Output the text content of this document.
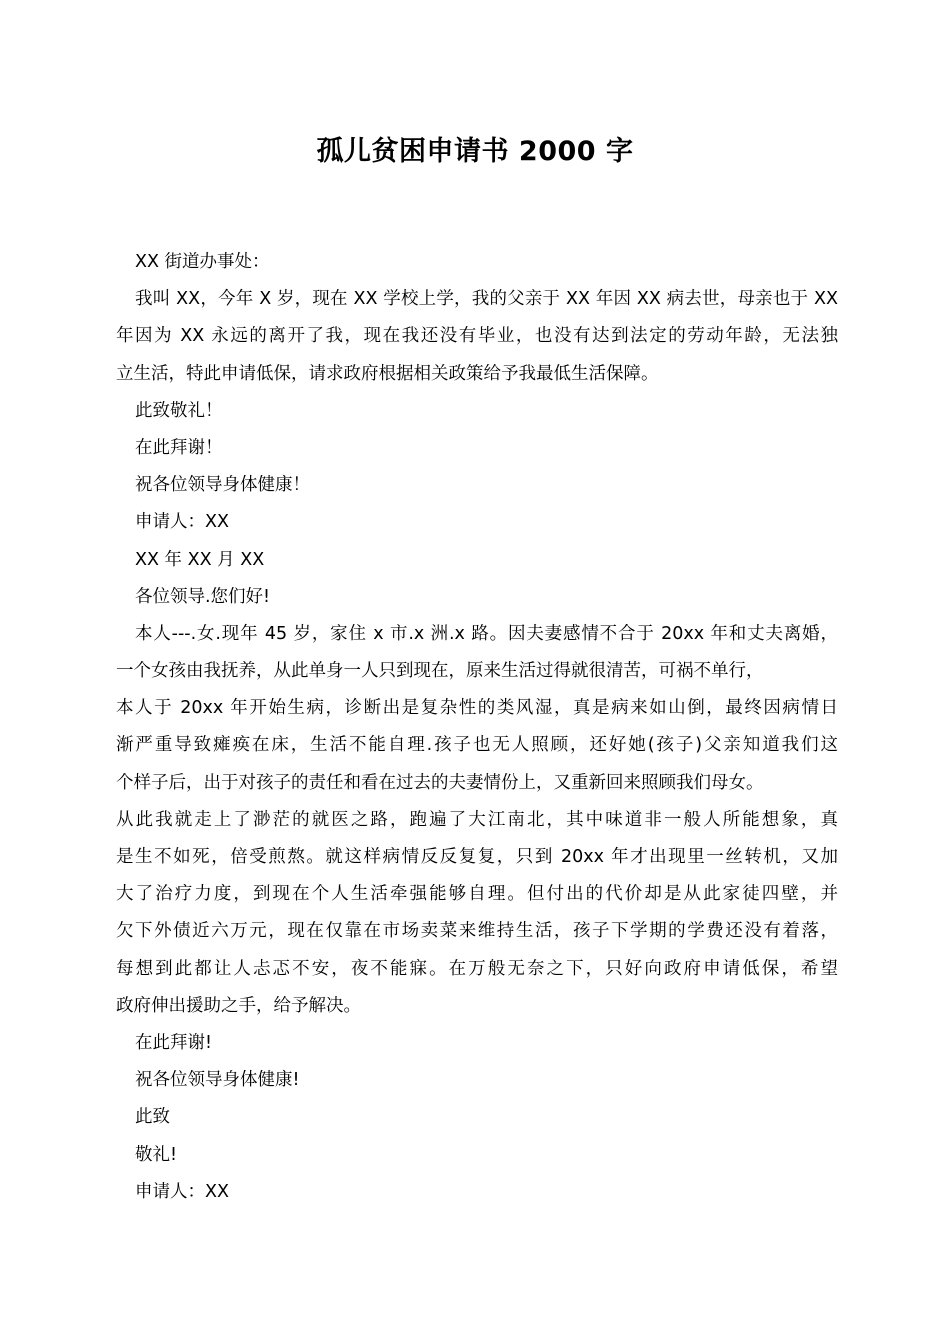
孤儿贫困申请书 2000 字
XX 街道办事处：
我叫 XX，今年 X 岁，现在 XX 学校上学，我的父亲于 XX 年因 XX 病去世，母亲也于 XX
年因为 XX 永远的离开了我，现在我还没有毕业，也没有达到法定的劳动年龄，无法独
立生活，特此申请低保，请求政府根据相关政策给予我最低生活保障。
此致敬礼！
在此拜谢！
祝各位领导身体健康！
申请人：XX
XX 年 XX 月 XX
各位领导.您们好!
本人---.女.现年 45 岁，家住 x 市.x 洲.x 路。因夫妻感情不合于 20xx 年和丈夫离婚，
一个女孩由我抚养，从此单身一人只到现在，原来生活过得就很清苦，可祸不单行，
本人于 20xx 年开始生病，诊断出是复杂性的类风湿，真是病来如山倒，最终因病情日
渐严重导致瘫痪在床，生活不能自理.孩子也无人照顾，还好她(孩子)父亲知道我们这
个样子后，出于对孩子的责任和看在过去的夫妻情份上，又重新回来照顾我们母女。
从此我就走上了渺茫的就医之路，跑遍了大江南北，其中味道非一般人所能想象，真
是生不如死，倍受煎熬。就这样病情反反复复，只到 20xx 年才出现里一丝转机，又加
大了治疗力度，到现在个人生活牵强能够自理。但付出的代价却是从此家徒四壁，并
欠下外债近六万元，现在仅靠在市场卖菜来维持生活，孩子下学期的学费还没有着落，
每想到此都让人忐忑不安，夜不能寐。在万般无奈之下，只好向政府申请低保，希望
政府伸出援助之手，给予解决。
在此拜谢!
祝各位领导身体健康!
此致
敬礼!
申请人：XX
